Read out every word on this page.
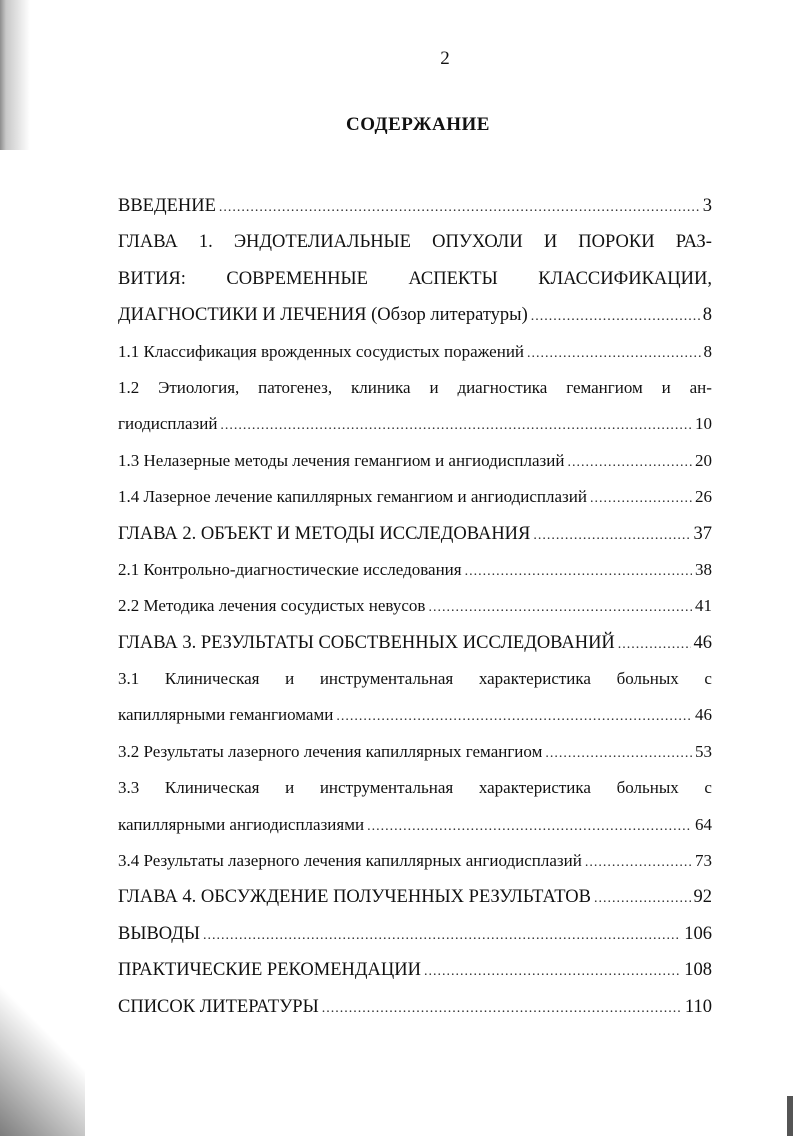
2
СОДЕРЖАНИЕ
ВВЕДЕНИЕ .....	3
ГЛАВА 1. ЭНДОТЕЛИАЛЬНЫЕ ОПУХОЛИ И ПОРОКИ РАЗ-
ВИТИЯ: СОВРЕМЕННЫЕ АСПЕКТЫ КЛАССИФИКАЦИИ,
ДИАГНОСТИКИ И ЛЕЧЕНИЯ (Обзор литературы) .....	8
1.1 Классификация врожденных сосудистых поражений .....	8
1.2 Этиология, патогенез, клиника и диагностика гемангиом и ан-
гиодисплазий .....	10
1.3 Нелазерные методы лечения гемангиом и ангиодисплазий .....	20
1.4 Лазерное лечение капиллярных гемангиом и ангиодисплазий .....	26
ГЛАВА 2. ОБЪЕКТ И МЕТОДЫ ИССЛЕДОВАНИЯ .....	37
2.1 Контрольно-диагностические исследования .....	38
2.2 Методика лечения сосудистых невусов .....	41
ГЛАВА 3. РЕЗУЛЬТАТЫ СОБСТВЕННЫХ ИССЛЕДОВАНИЙ .....	46
3.1 Клиническая и инструментальная характеристика больных с
капиллярными гемангиомами .....	46
3.2 Результаты лазерного лечения капиллярных гемангиом .....	53
3.3 Клиническая и инструментальная характеристика больных с
капиллярными ангиодисплазиями .....	64
3.4 Результаты лазерного лечения капиллярных ангиодисплазий .....	73
ГЛАВА 4. ОБСУЖДЕНИЕ ПОЛУЧЕННЫХ РЕЗУЛЬТАТОВ .....	92
ВЫВОДЫ .....	106
ПРАКТИЧЕСКИЕ РЕКОМЕНДАЦИИ .....	108
СПИСОК ЛИТЕРАТУРЫ .....	110
